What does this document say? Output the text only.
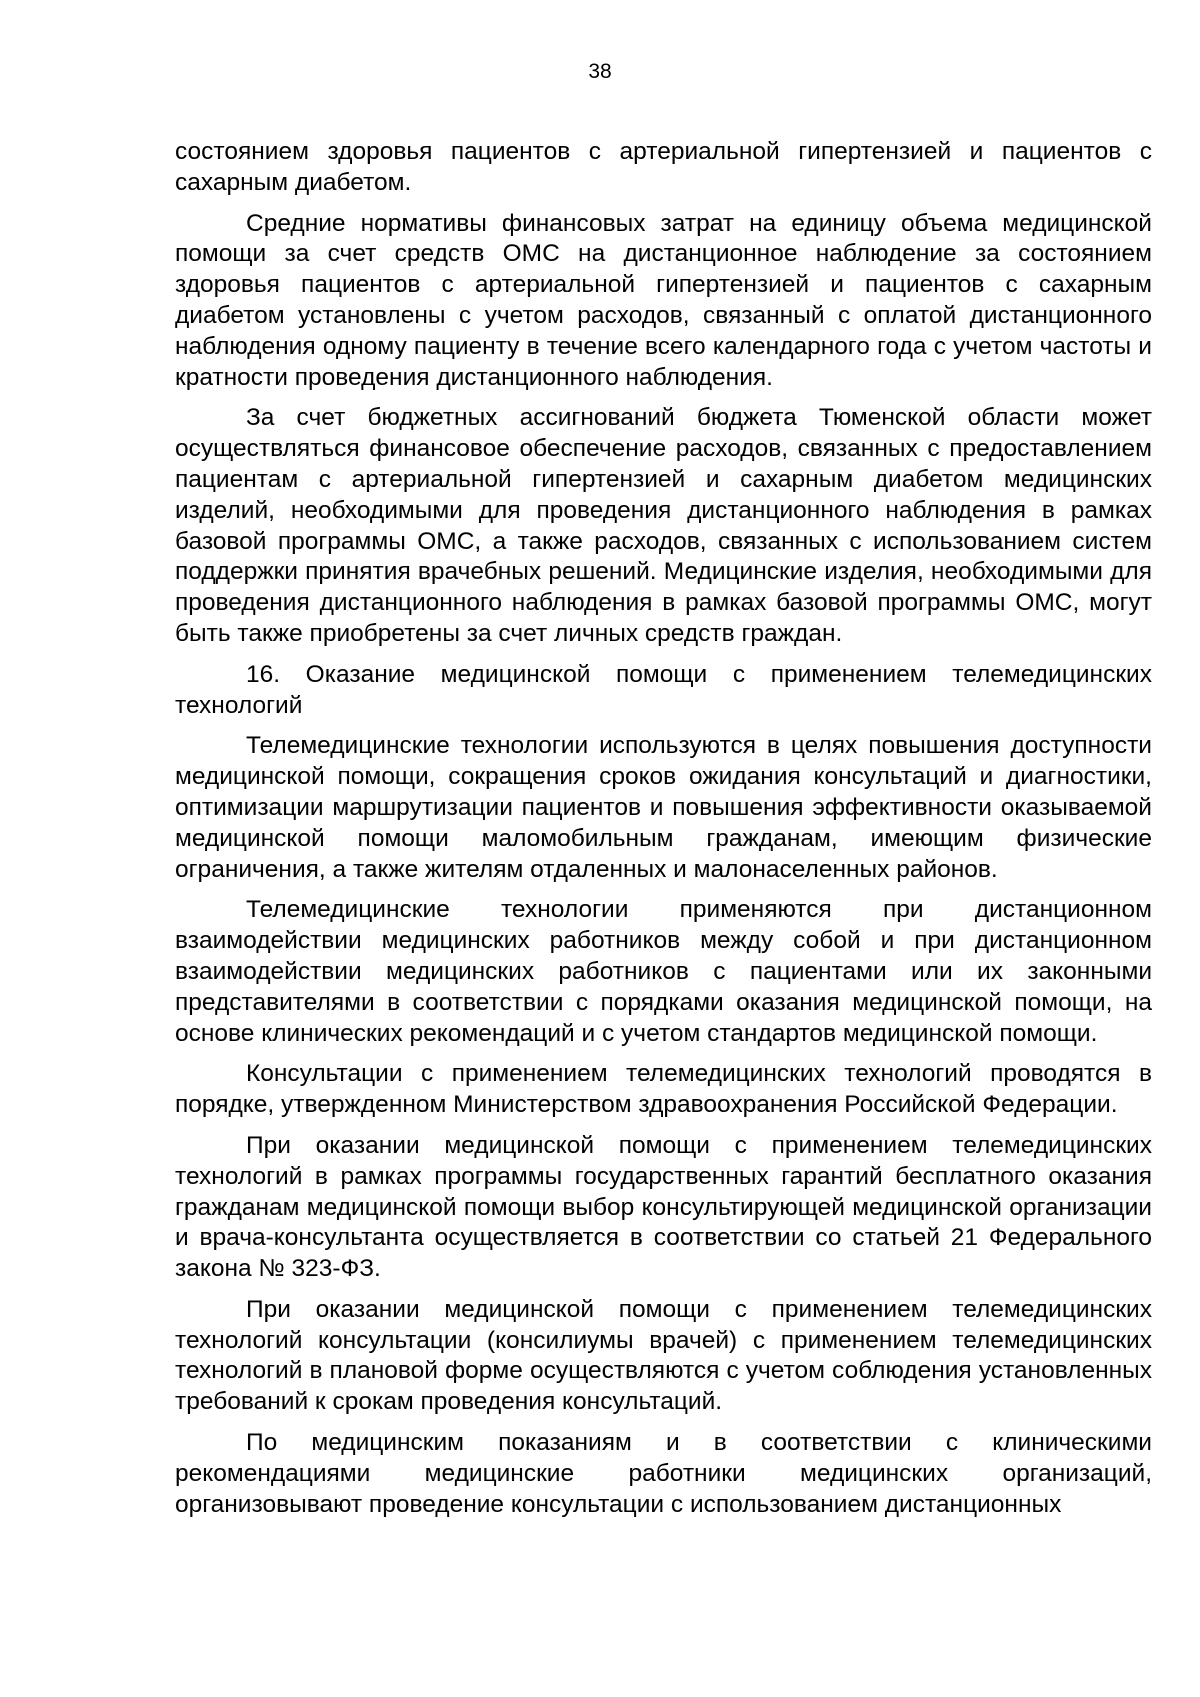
38

состоянием здоровья пациентов с артериальной гипертензией и пациентов с сахарным диабетом.

Средние нормативы финансовых затрат на единицу объема медицинской помощи за счет средств ОМС на дистанционное наблюдение за состоянием здоровья пациентов с артериальной гипертензией и пациентов с сахарным диабетом установлены с учетом расходов, связанный с оплатой дистанционного наблюдения одному пациенту в течение всего календарного года с учетом частоты и кратности проведения дистанционного наблюдения.

За счет бюджетных ассигнований бюджета Тюменской области может осуществляться финансовое обеспечение расходов, связанных с предоставлением пациентам с артериальной гипертензией и сахарным диабетом медицинских изделий, необходимыми для проведения дистанционного наблюдения в рамках базовой программы ОМС, а также расходов, связанных с использованием систем поддержки принятия врачебных решений. Медицинские изделия, необходимыми для проведения дистанционного наблюдения в рамках базовой программы ОМС, могут быть также приобретены за счет личных средств граждан.

16. Оказание медицинской помощи с применением телемедицинских технологий

Телемедицинские технологии используются в целях повышения доступности медицинской помощи, сокращения сроков ожидания консультаций и диагностики, оптимизации маршрутизации пациентов и повышения эффективности оказываемой медицинской помощи маломобильным гражданам, имеющим физические ограничения, а также жителям отдаленных и малонаселенных районов.

Телемедицинские технологии применяются при дистанционном взаимодействии медицинских работников между собой и при дистанционном взаимодействии медицинских работников с пациентами или их законными представителями в соответствии с порядками оказания медицинской помощи, на основе клинических рекомендаций и с учетом стандартов медицинской помощи.

Консультации с применением телемедицинских технологий проводятся в порядке, утвержденном Министерством здравоохранения Российской Федерации.

При оказании медицинской помощи с применением телемедицинских технологий в рамках программы государственных гарантий бесплатного оказания гражданам медицинской помощи выбор консультирующей медицинской организации и врача-консультанта осуществляется в соответствии со статьей 21 Федерального закона № 323-ФЗ.

При оказании медицинской помощи с применением телемедицинских технологий консультации (консилиумы врачей) с применением телемедицинских технологий в плановой форме осуществляются с учетом соблюдения установленных требований к срокам проведения консультаций.

По медицинским показаниям и в соответствии с клиническими рекомендациями медицинские работники медицинских организаций, организовывают проведение консультации с использованием дистанционных
